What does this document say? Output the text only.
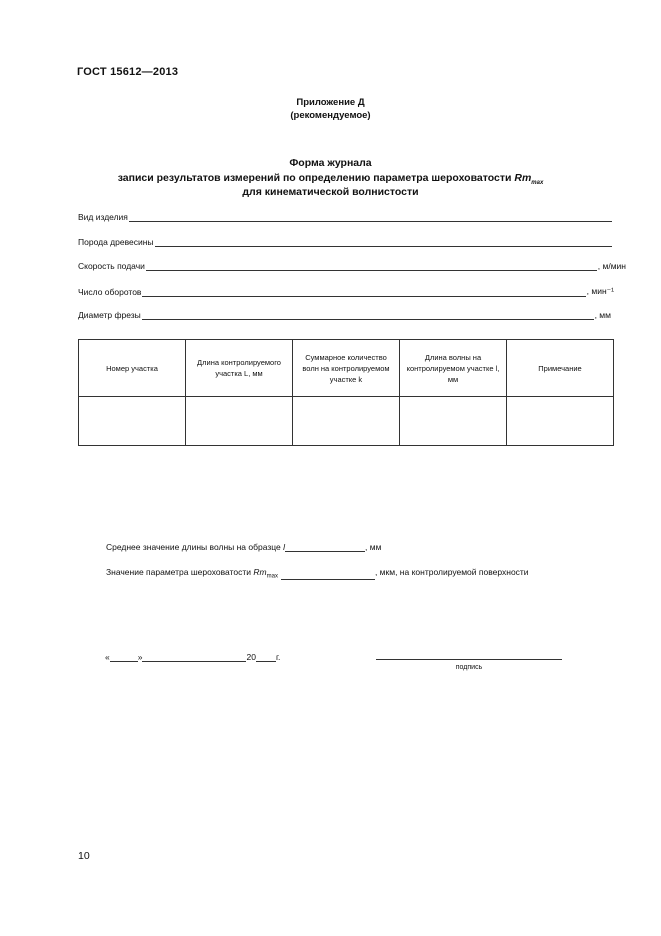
ГОСТ 15612—2013
Приложение Д
(рекомендуемое)
Форма журнала
записи результатов измерений по определению параметра шероховатости $Rm_{max}$
для кинематической волнистости
Вид изделия
Порода древесины
Скорость подачи	, м/мин
Число оборотов	, мин⁻¹
Диаметр фрезы	, мм
Номер участка	Длина контролируемого участка L, мм	Суммарное количество волн на контролируемом участке k	Длина волны на контролируемом участке l, мм	Примечание

Среднее значение длины волны на образце l	, мм
Значение параметра шероховатости $Rm_{max}$	, мкм, на контролируемой поверхности
«	»	20 г.
подпись
10
